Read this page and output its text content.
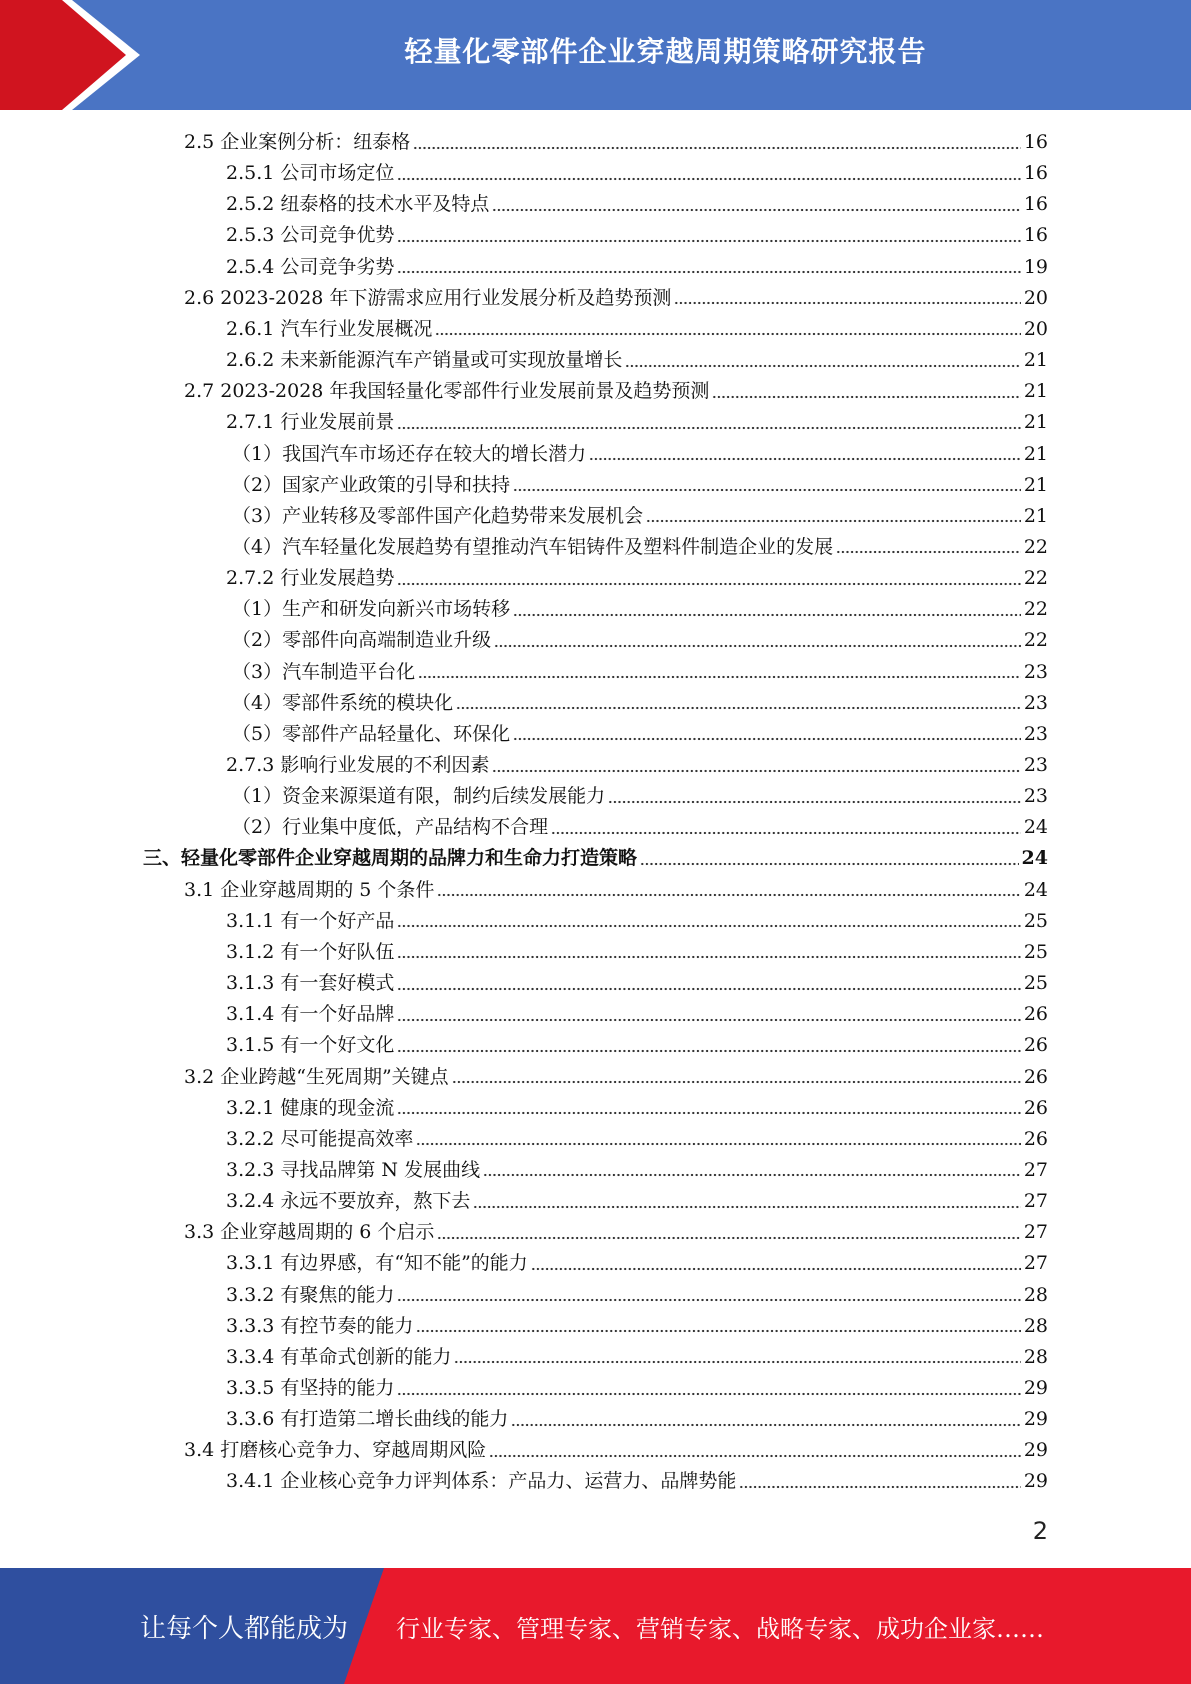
轻量化零部件企业穿越周期策略研究报告
2.5 企业案例分析：纽泰格	16
2.5.1 公司市场定位	16
2.5.2 纽泰格的技术水平及特点	16
2.5.3 公司竞争优势	16
2.5.4 公司竞争劣势	19
2.6 2023-2028 年下游需求应用行业发展分析及趋势预测	20
2.6.1 汽车行业发展概况	20
2.6.2 未来新能源汽车产销量或可实现放量增长	21
2.7 2023-2028 年我国轻量化零部件行业发展前景及趋势预测	21
2.7.1 行业发展前景	21
（1）我国汽车市场还存在较大的增长潜力	21
（2）国家产业政策的引导和扶持	21
（3）产业转移及零部件国产化趋势带来发展机会	21
（4）汽车轻量化发展趋势有望推动汽车铝铸件及塑料件制造企业的发展	22
2.7.2 行业发展趋势	22
（1）生产和研发向新兴市场转移	22
（2）零部件向高端制造业升级	22
（3）汽车制造平台化	23
（4）零部件系统的模块化	23
（5）零部件产品轻量化、环保化	23
2.7.3 影响行业发展的不利因素	23
（1）资金来源渠道有限，制约后续发展能力	23
（2）行业集中度低，产品结构不合理	24
三、轻量化零部件企业穿越周期的品牌力和生命力打造策略	24
3.1 企业穿越周期的 5 个条件	24
3.1.1 有一个好产品	25
3.1.2 有一个好队伍	25
3.1.3 有一套好模式	25
3.1.4 有一个好品牌	26
3.1.5 有一个好文化	26
3.2 企业跨越“生死周期”关键点	26
3.2.1 健康的现金流	26
3.2.2 尽可能提高效率	26
3.2.3 寻找品牌第 N 发展曲线	27
3.2.4 永远不要放弃，熬下去	27
3.3 企业穿越周期的 6 个启示	27
3.3.1 有边界感，有“知不能”的能力	27
3.3.2 有聚焦的能力	28
3.3.3 有控节奏的能力	28
3.3.4 有革命式创新的能力	28
3.3.5 有坚持的能力	29
3.3.6 有打造第二增长曲线的能力	29
3.4 打磨核心竞争力、穿越周期风险	29
3.4.1 企业核心竞争力评判体系：产品力、运营力、品牌势能	29
2
让每个人都能成为 行业专家、管理专家、营销专家、战略专家、成功企业家……
